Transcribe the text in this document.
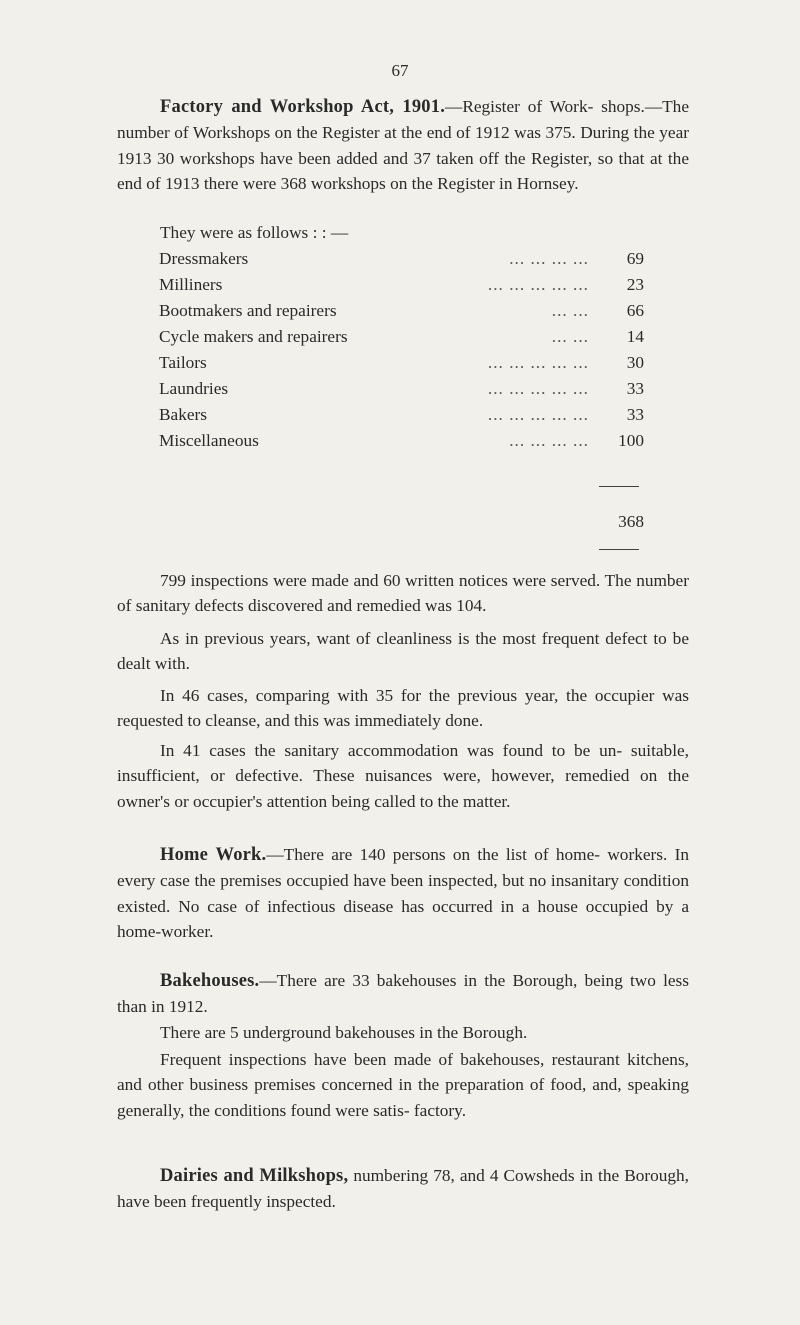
67

Factory and Workshop Act, 1901.—Register of Work- shops.—The number of Workshops on the Register at the end of 1912 was 375. During the year 1913 30 workshops have been added and 37 taken off the Register, so that at the end of 1913 there were 368 workshops on the Register in Hornsey.

They were as follows : : —

Dressmakers	... ... ... ...	69
Milliners	... ... ... ... ...	23
Bootmakers and repairers	... ...	66
Cycle makers and repairers	... ...	14
Tailors	... ... ... ... ...	30
Laundries	... ... ... ... ...	33
Bakers	... ... ... ... ...	33
Miscellaneous	... ... ... ...	100
368

799 inspections were made and 60 written notices were served. The number of sanitary defects discovered and remedied was 104.

As in previous years, want of cleanliness is the most frequent defect to be dealt with.

In 46 cases, comparing with 35 for the previous year, the occupier was requested to cleanse, and this was immediately done.

In 41 cases the sanitary accommodation was found to be un- suitable, insufficient, or defective. These nuisances were, however, remedied on the owner's or occupier's attention being called to the matter.

Home Work.—There are 140 persons on the list of home- workers. In every case the premises occupied have been inspected, but no insanitary condition existed. No case of infectious disease has occurred in a house occupied by a home-worker.

Bakehouses.—There are 33 bakehouses in the Borough, being two less than in 1912.

There are 5 underground bakehouses in the Borough.

Frequent inspections have been made of bakehouses, restaurant kitchens, and other business premises concerned in the preparation of food, and, speaking generally, the conditions found were satis- factory.

Dairies and Milkshops, numbering 78, and 4 Cowsheds in the Borough, have been frequently inspected.
